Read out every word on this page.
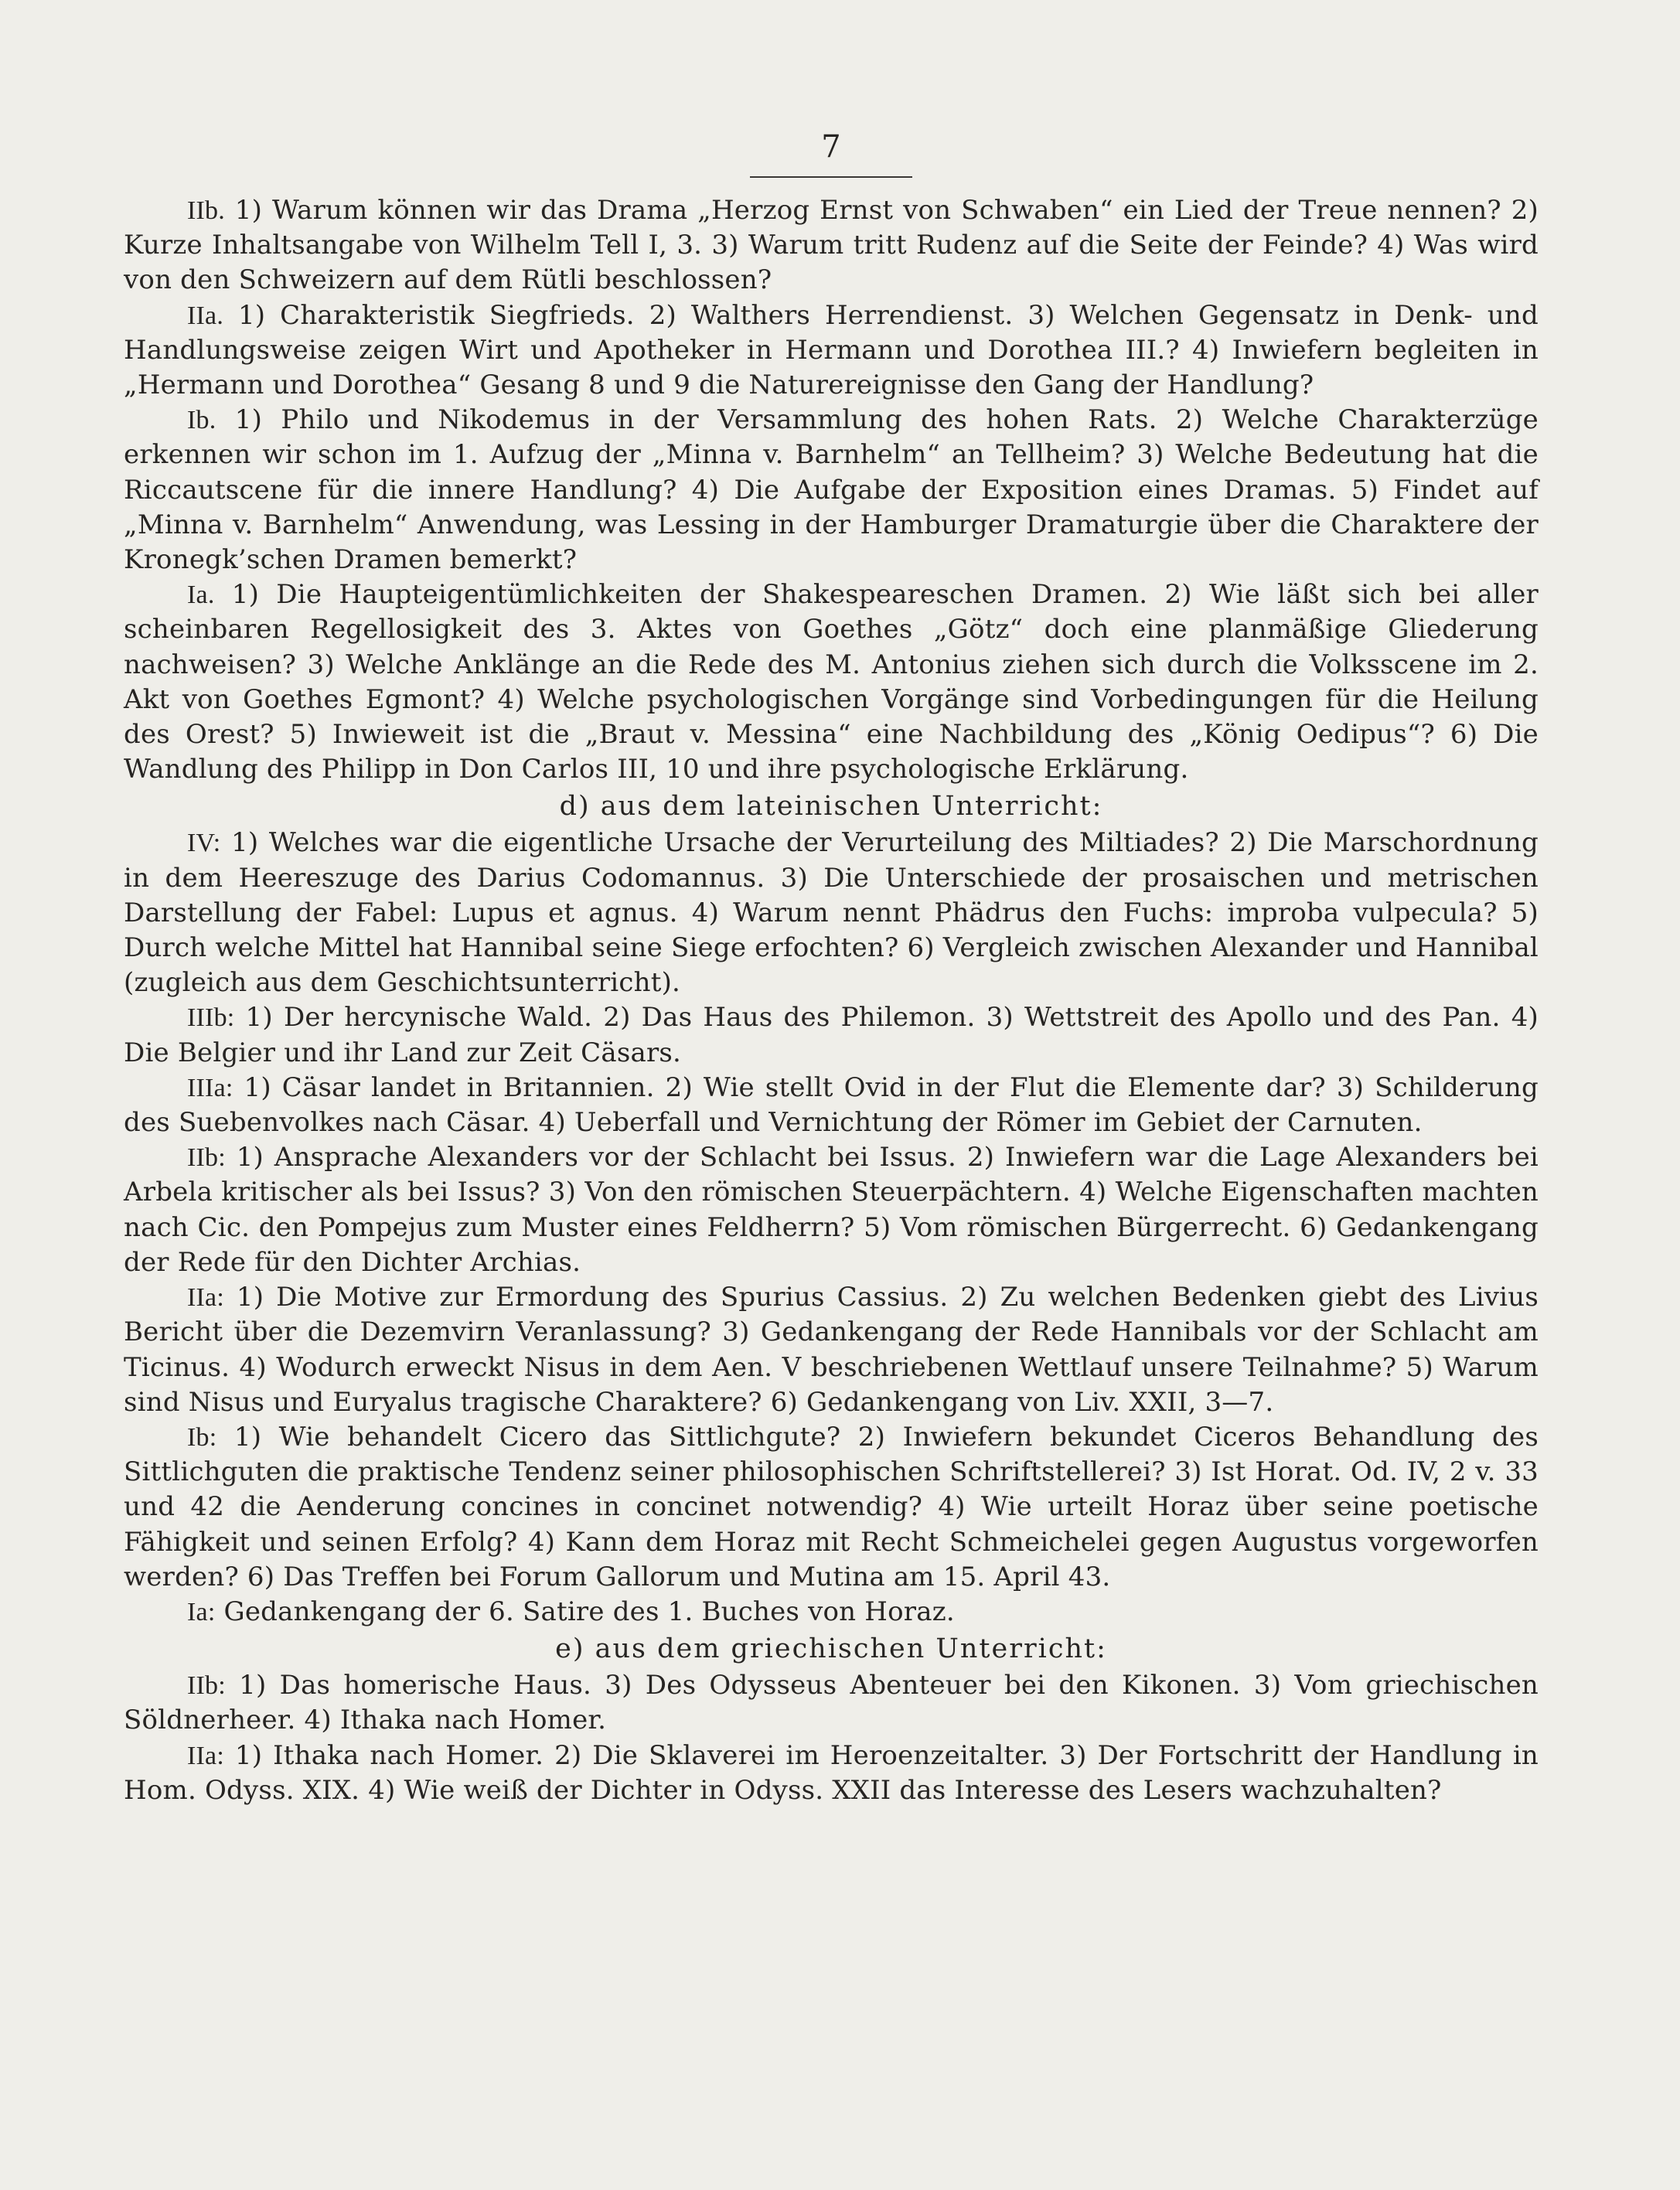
7

IIb. 1) Warum können wir das Drama „Herzog Ernst von Schwaben“ ein Lied der Treue nennen? 2) Kurze Inhaltsangabe von Wilhelm Tell I, 3. 3) Warum tritt Rudenz auf die Seite der Feinde? 4) Was wird von den Schweizern auf dem Rütli beschlossen?

IIa. 1) Charakteristik Siegfrieds. 2) Walthers Herrendienst. 3) Welchen Gegensatz in Denk- und Handlungsweise zeigen Wirt und Apotheker in Hermann und Dorothea III.? 4) Inwiefern begleiten in „Hermann und Dorothea“ Gesang 8 und 9 die Naturereignisse den Gang der Handlung?

Ib. 1) Philo und Nikodemus in der Versammlung des hohen Rats. 2) Welche Charakterzüge erkennen wir schon im 1. Aufzug der „Minna v. Barnhelm“ an Tellheim? 3) Welche Bedeutung hat die Riccautscene für die innere Handlung? 4) Die Aufgabe der Exposition eines Dramas. 5) Findet auf „Minna v. Barnhelm“ Anwendung, was Lessing in der Hamburger Dramaturgie über die Charaktere der Kronegk’schen Dramen bemerkt?

Ia. 1) Die Haupteigentümlichkeiten der Shakespeareschen Dramen. 2) Wie läßt sich bei aller scheinbaren Regellosigkeit des 3. Aktes von Goethes „Götz“ doch eine planmäßige Gliederung nachweisen? 3) Welche Anklänge an die Rede des M. Antonius ziehen sich durch die Volksscene im 2. Akt von Goethes Egmont? 4) Welche psychologischen Vorgänge sind Vorbedingungen für die Heilung des Orest? 5) Inwieweit ist die „Braut v. Messina“ eine Nachbildung des „König Oedipus“? 6) Die Wandlung des Philipp in Don Carlos III, 10 und ihre psychologische Erklärung.

d) aus dem lateinischen Unterricht:

IV: 1) Welches war die eigentliche Ursache der Verurteilung des Miltiades? 2) Die Marschordnung in dem Heereszuge des Darius Codomannus. 3) Die Unterschiede der prosaischen und metrischen Darstellung der Fabel: Lupus et agnus. 4) Warum nennt Phädrus den Fuchs: improba vulpecula? 5) Durch welche Mittel hat Hannibal seine Siege erfochten? 6) Vergleich zwischen Alexander und Hannibal (zugleich aus dem Geschichtsunterricht).

IIIb: 1) Der hercynische Wald. 2) Das Haus des Philemon. 3) Wettstreit des Apollo und des Pan. 4) Die Belgier und ihr Land zur Zeit Cäsars.

IIIa: 1) Cäsar landet in Britannien. 2) Wie stellt Ovid in der Flut die Elemente dar? 3) Schilderung des Suebenvolkes nach Cäsar. 4) Ueberfall und Vernichtung der Römer im Gebiet der Carnuten.

IIb: 1) Ansprache Alexanders vor der Schlacht bei Issus. 2) Inwiefern war die Lage Alexanders bei Arbela kritischer als bei Issus? 3) Von den römischen Steuerpächtern. 4) Welche Eigenschaften machten nach Cic. den Pompejus zum Muster eines Feldherrn? 5) Vom römischen Bürgerrecht. 6) Gedankengang der Rede für den Dichter Archias.

IIa: 1) Die Motive zur Ermordung des Spurius Cassius. 2) Zu welchen Bedenken giebt des Livius Bericht über die Dezemvirn Veranlassung? 3) Gedankengang der Rede Hannibals vor der Schlacht am Ticinus. 4) Wodurch erweckt Nisus in dem Aen. V beschriebenen Wettlauf unsere Teilnahme? 5) Warum sind Nisus und Euryalus tragische Charaktere? 6) Gedankengang von Liv. XXII, 3—7.

Ib: 1) Wie behandelt Cicero das Sittlichgute? 2) Inwiefern bekundet Ciceros Behandlung des Sittlichguten die praktische Tendenz seiner philosophischen Schriftstellerei? 3) Ist Horat. Od. IV, 2 v. 33 und 42 die Aenderung concines in concinet notwendig? 4) Wie urteilt Horaz über seine poetische Fähigkeit und seinen Erfolg? 4) Kann dem Horaz mit Recht Schmeichelei gegen Augustus vorgeworfen werden? 6) Das Treffen bei Forum Gallorum und Mutina am 15. April 43.

Ia: Gedankengang der 6. Satire des 1. Buches von Horaz.

e) aus dem griechischen Unterricht:

IIb: 1) Das homerische Haus. 3) Des Odysseus Abenteuer bei den Kikonen. 3) Vom griechischen Söldnerheer. 4) Ithaka nach Homer.

IIa: 1) Ithaka nach Homer. 2) Die Sklaverei im Heroenzeitalter. 3) Der Fortschritt der Handlung in Hom. Odyss. XIX. 4) Wie weiß der Dichter in Odyss. XXII das Interesse des Lesers wachzuhalten?
